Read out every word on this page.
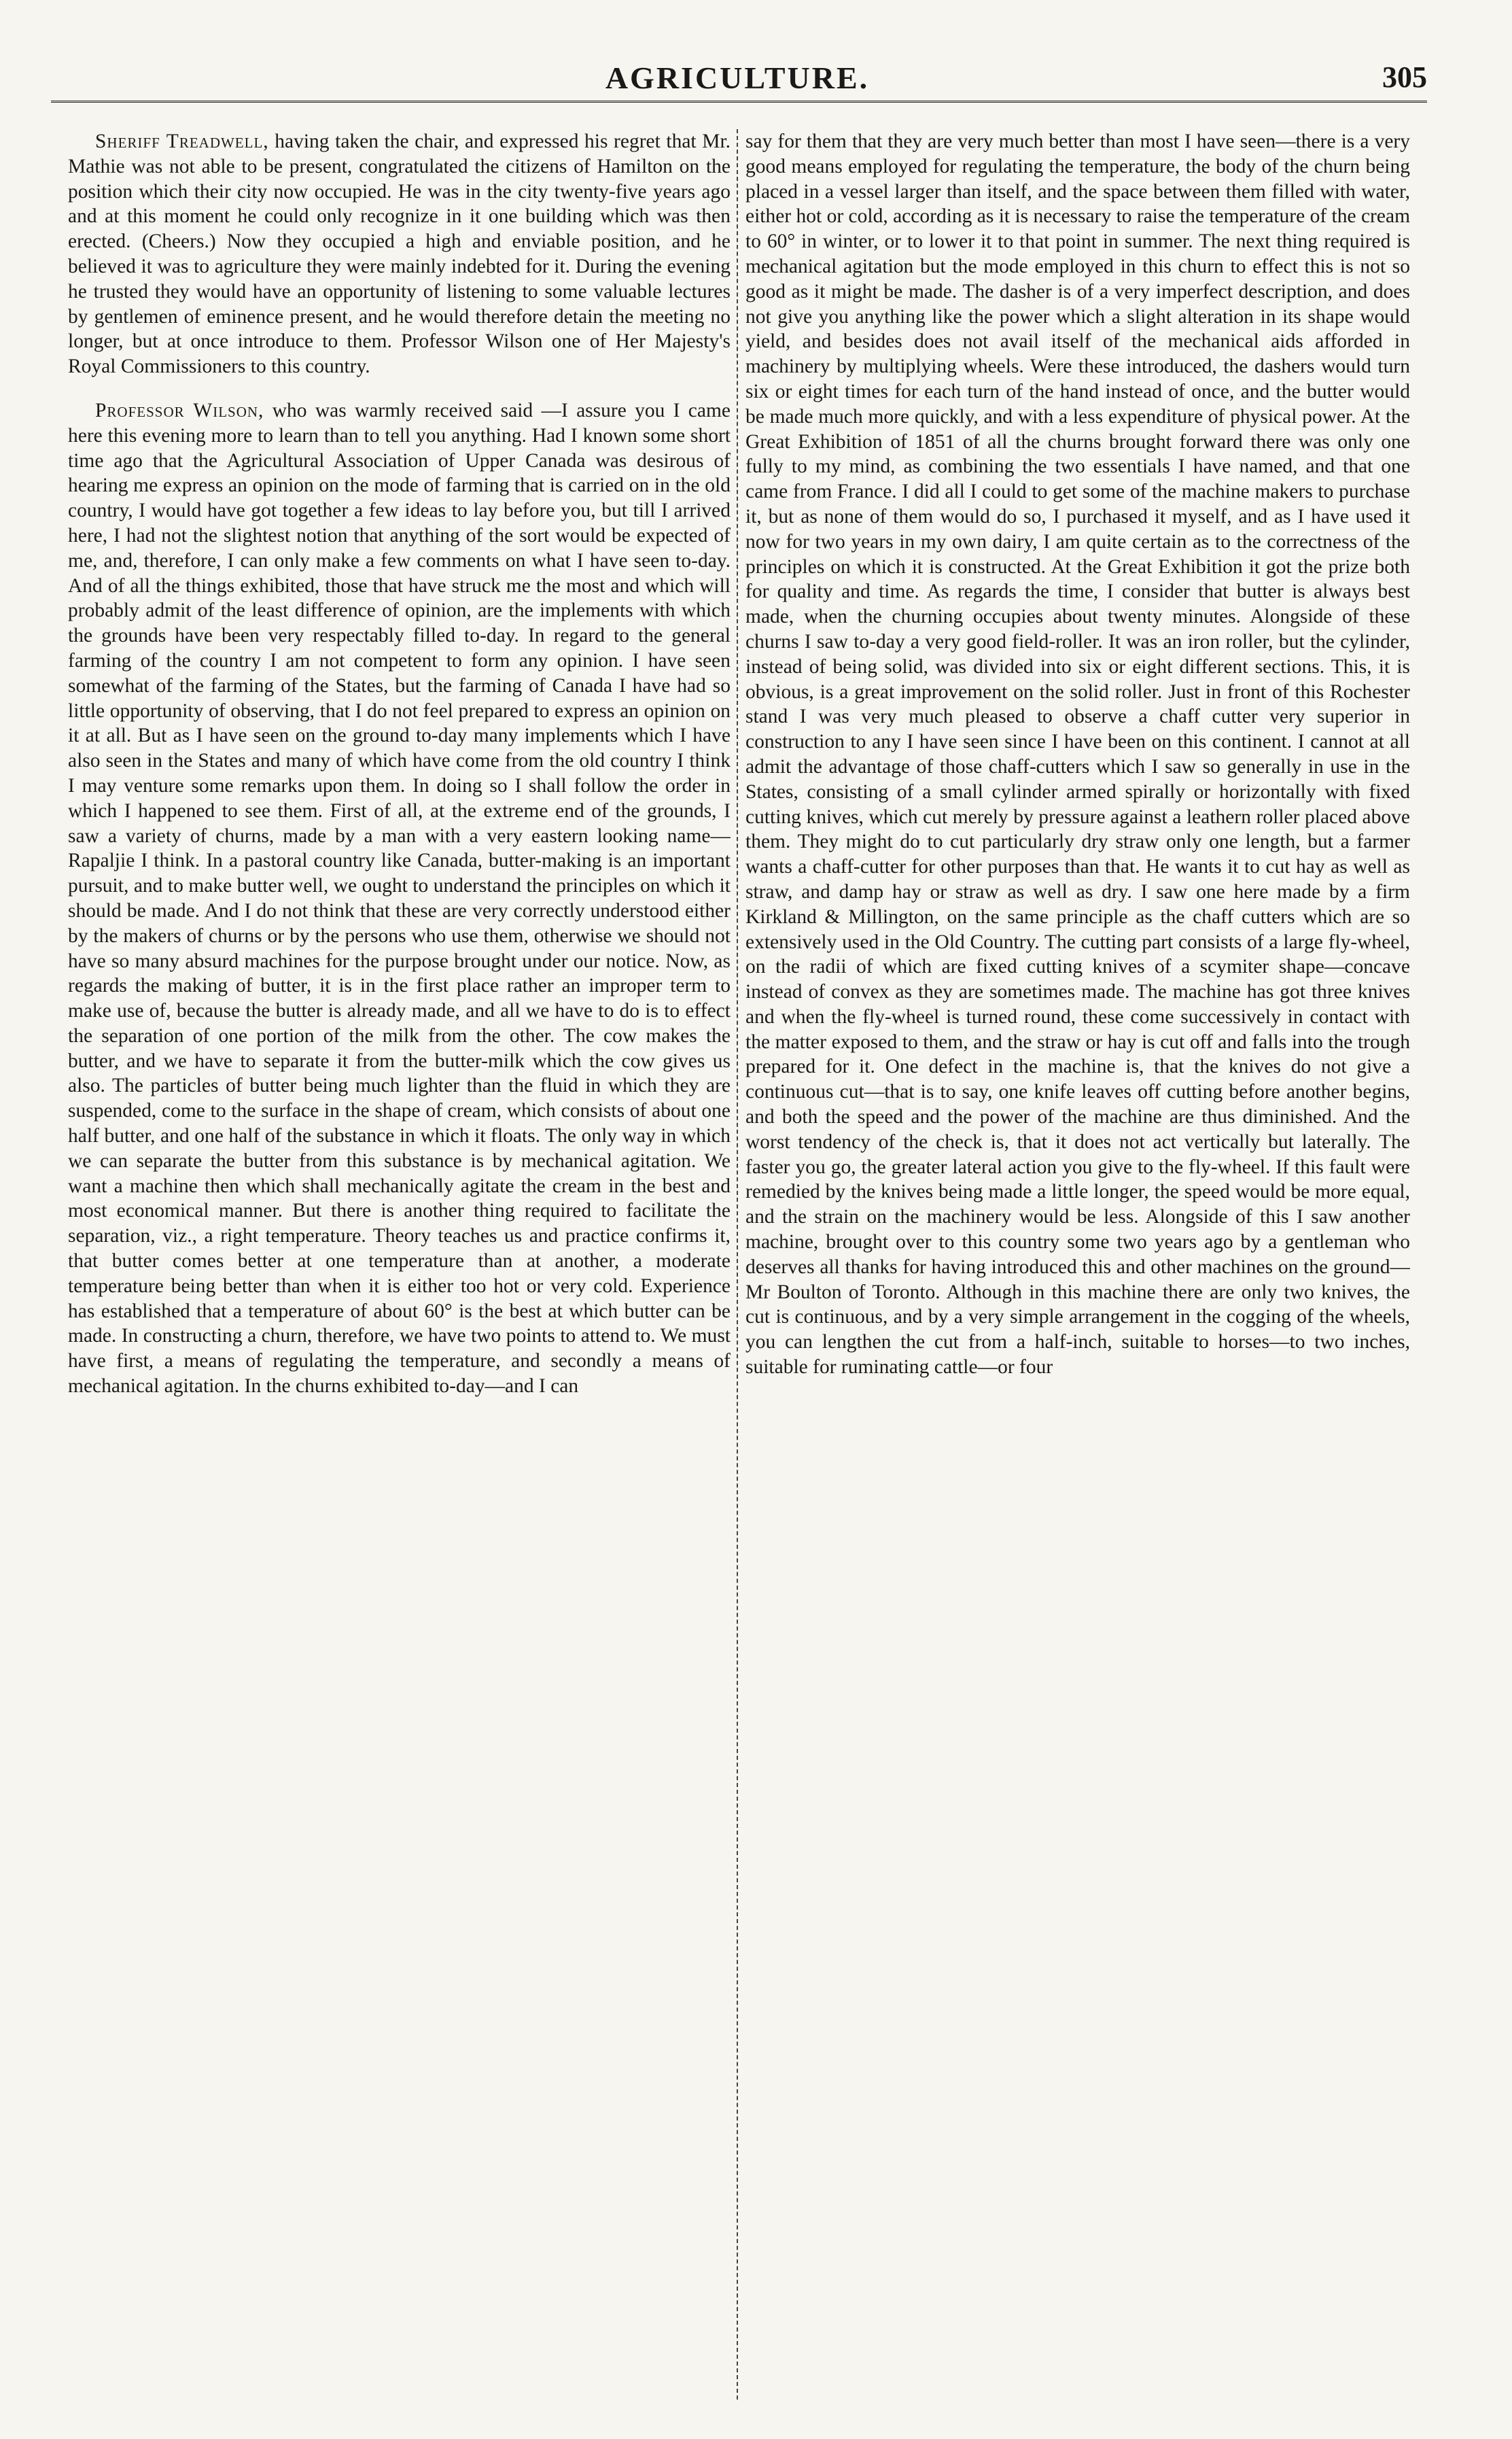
AGRICULTURE.	305

Sheriff Treadwell, having taken the chair, and expressed his regret that Mr. Mathie was not able to be present, congratulated the citizens of Hamilton on the position which their city now occupied. He was in the city twenty-five years ago and at this moment he could only recognize in it one building which was then erected. (Cheers.) Now they occupied a high and enviable position, and he believed it was to agriculture they were mainly indebted for it. During the evening he trusted they would have an opportunity of listening to some valuable lectures by gentlemen of eminence present, and he would therefore detain the meeting no longer, but at once introduce to them. Professor Wilson one of Her Majesty's Royal Commissioners to this country.

Professor Wilson, who was warmly received said —I assure you I came here this evening more to learn than to tell you anything. Had I known some short time ago that the Agricultural Association of Upper Canada was desirous of hearing me express an opinion on the mode of farming that is carried on in the old country, I would have got together a few ideas to lay before you, but till I arrived here, I had not the slightest notion that anything of the sort would be expected of me, and, therefore, I can only make a few comments on what I have seen to-day. And of all the things exhibited, those that have struck me the most and which will probably admit of the least difference of opinion, are the implements with which the grounds have been very respectably filled to-day. In regard to the general farming of the country I am not competent to form any opinion. I have seen somewhat of the farming of the States, but the farming of Canada I have had so little opportunity of observing, that I do not feel prepared to express an opinion on it at all. But as I have seen on the ground to-day many implements which I have also seen in the States and many of which have come from the old country I think I may venture some remarks upon them. In doing so I shall follow the order in which I happened to see them. First of all, at the extreme end of the grounds, I saw a variety of churns, made by a man with a very eastern looking name—Rapaljie I think. In a pastoral country like Canada, butter-making is an important pursuit, and to make butter well, we ought to understand the principles on which it should be made. And I do not think that these are very correctly understood either by the makers of churns or by the persons who use them, otherwise we should not have so many absurd machines for the purpose brought under our notice. Now, as regards the making of butter, it is in the first place rather an improper term to make use of, because the butter is already made, and all we have to do is to effect the separation of one portion of the milk from the other. The cow makes the butter, and we have to separate it from the butter-milk which the cow gives us also. The particles of butter being much lighter than the fluid in which they are suspended, come to the surface in the shape of cream, which consists of about one half butter, and one half of the substance in which it floats. The only way in which we can separate the butter from this substance is by mechanical agitation. We want a machine then which shall mechanically agitate the cream in the best and most economical manner. But there is another thing required to facilitate the separation, viz., a right temperature. Theory teaches us and practice confirms it, that butter comes better at one temperature than at another, a moderate temperature being better than when it is either too hot or very cold. Experience has established that a temperature of about 60° is the best at which butter can be made. In constructing a churn, therefore, we have two points to attend to. We must have first, a means of regulating the temperature, and secondly a means of mechanical agitation. In the churns exhibited to-day—and I can

say for them that they are very much better than most I have seen—there is a very good means employed for regulating the temperature, the body of the churn being placed in a vessel larger than itself, and the space between them filled with water, either hot or cold, according as it is necessary to raise the temperature of the cream to 60° in winter, or to lower it to that point in summer. The next thing required is mechanical agitation but the mode employed in this churn to effect this is not so good as it might be made. The dasher is of a very imperfect description, and does not give you anything like the power which a slight alteration in its shape would yield, and besides does not avail itself of the mechanical aids afforded in machinery by multiplying wheels. Were these introduced, the dashers would turn six or eight times for each turn of the hand instead of once, and the butter would be made much more quickly, and with a less expenditure of physical power. At the Great Exhibition of 1851 of all the churns brought forward there was only one fully to my mind, as combining the two essentials I have named, and that one came from France. I did all I could to get some of the machine makers to purchase it, but as none of them would do so, I purchased it myself, and as I have used it now for two years in my own dairy, I am quite certain as to the correctness of the principles on which it is constructed. At the Great Exhibition it got the prize both for quality and time. As regards the time, I consider that butter is always best made, when the churning occupies about twenty minutes. Alongside of these churns I saw to-day a very good field-roller. It was an iron roller, but the cylinder, instead of being solid, was divided into six or eight different sections. This, it is obvious, is a great improvement on the solid roller. Just in front of this Rochester stand I was very much pleased to observe a chaff cutter very superior in construction to any I have seen since I have been on this continent. I cannot at all admit the advantage of those chaff-cutters which I saw so generally in use in the States, consisting of a small cylinder armed spirally or horizontally with fixed cutting knives, which cut merely by pressure against a leathern roller placed above them. They might do to cut particularly dry straw only one length, but a farmer wants a chaff-cutter for other purposes than that. He wants it to cut hay as well as straw, and damp hay or straw as well as dry. I saw one here made by a firm Kirkland & Millington, on the same principle as the chaff cutters which are so extensively used in the Old Country. The cutting part consists of a large fly-wheel, on the radii of which are fixed cutting knives of a scymiter shape—concave instead of convex as they are sometimes made. The machine has got three knives and when the fly-wheel is turned round, these come successively in contact with the matter exposed to them, and the straw or hay is cut off and falls into the trough prepared for it. One defect in the machine is, that the knives do not give a continuous cut—that is to say, one knife leaves off cutting before another begins, and both the speed and the power of the machine are thus diminished. And the worst tendency of the check is, that it does not act vertically but laterally. The faster you go, the greater lateral action you give to the fly-wheel. If this fault were remedied by the knives being made a little longer, the speed would be more equal, and the strain on the machinery would be less. Alongside of this I saw another machine, brought over to this country some two years ago by a gentleman who deserves all thanks for having introduced this and other machines on the ground—Mr Boulton of Toronto. Although in this machine there are only two knives, the cut is continuous, and by a very simple arrangement in the cogging of the wheels, you can lengthen the cut from a half-inch, suitable to horses—to two inches, suitable for ruminating cattle—or four
